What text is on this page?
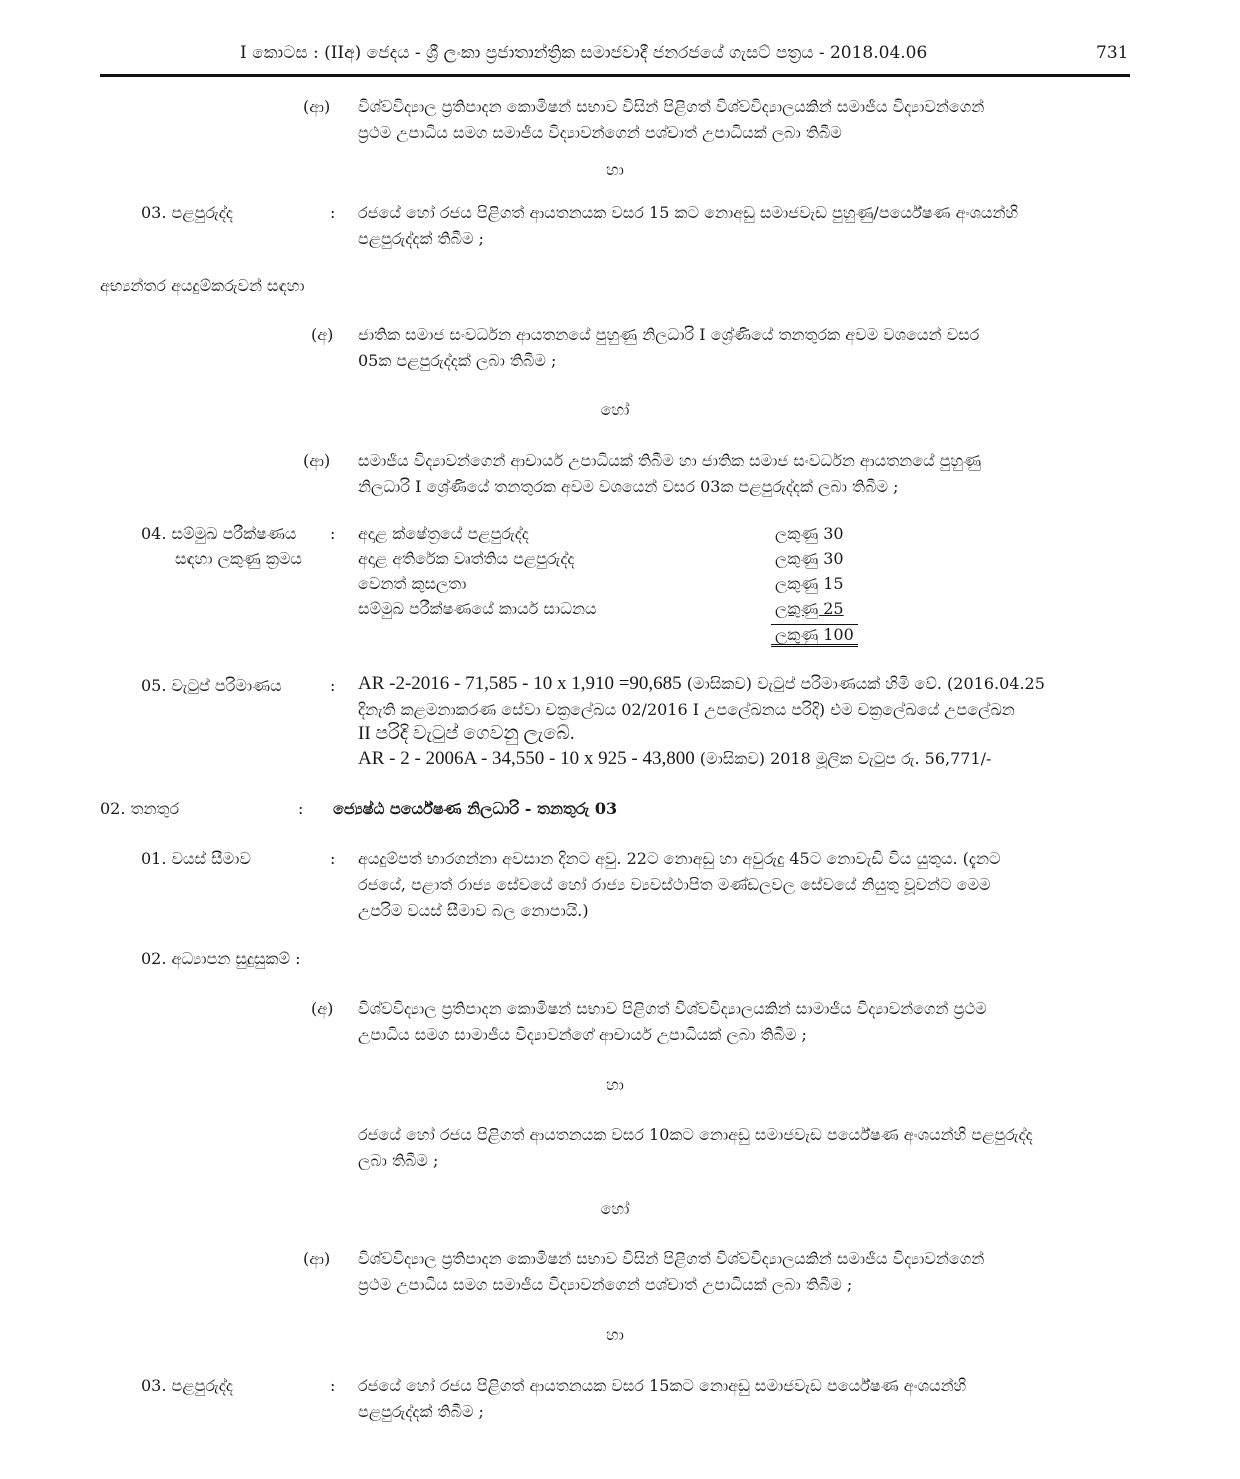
I කොටස : (IIඅ) ජෙදය - ශ්‍රී ලංකා ප්‍රජාතාන්ත්‍රික සමාජවාදී ජනරජයේ ගැසට් පත්‍රය - 2018.04.06	731
(ආ) විශ්වවිද්‍යාල ප්‍රතිපාදන කොමිෂන් සභාව විසින් පිළිගත් විශ්වවිද්‍යාලයකින් සමාජීය විද්‍යාවන්ගෙන්
ප්‍රථම උපාධිය සමග සමාජීය විද්‍යාවන්ගෙන් පශ්චාත් උපාධියක් ලබා තිබීම
හා
03. පළපුරුද්ද	: රජයේ හෝ රජය පිළිගත් ආයතනයක වසර 15 කට නොඅඩු සමාජවැඩ පුහුණු/පර්යේෂණ අංශයන්හි
පළපුරුද්දක් තිබීම ;
අභ්‍යන්තර අයදුම්කරුවන් සඳහා
(අ) ජාතික සමාජ සංවර්ධන ආයතනයේ පුහුණු නිලධාරි I ශ්‍රේණියේ තනතුරක අවම වශයෙන් වසර
05ක පළපුරුද්දක් ලබා තිබීම ;
හෝ
(ආ) සමාජීය විද්‍යාවන්ගෙන් ආචාර්ය උපාධියක් තිබීම හා ජාතික සමාජ සංවර්ධන ආයතනයේ පුහුණු
නිලධාරි I ශ්‍රේණියේ තනතුරක අවම වශයෙන් වසර 03ක පළපුරුද්දක් ලබා තිබීම ;
04. සම්මුඛ පරීක්ෂණය
සඳහා ලකුණු ක්‍රමය
: අදාළ ක්ෂේත්‍රයේ පළපුරුද්ද	ලකුණු 30
අදාළ අතිරේක වෘත්තිය පළපුරුද්ද	ලකුණු 30
වෙනත් කුසලතා	ලකුණු 15
සම්මුඛ පරීක්ෂණයේ කාර්ය සාධනය	ලකුණු 25
ලකුණු 100
05. වැටුප් පරිමාණය	: AR -2-2016 - 71,585 - 10 x 1,910 =90,685 (මාසිකව) වැටුප් පරිමාණයක් හිමි වේ. (2016.04.25
දිනැති කළමනාකරණ සේවා චක්‍රලේඛය 02/2016 I උපලේඛනය පරිදි) එම චක්‍රලේඛයේ උපලේඛන
II පරිදි වැටුප් ගෙවනු ලැබේ.
AR - 2 - 2006A - 34,550 - 10 x 925 - 43,800 (මාසිකව) 2018 මූලික වැටුප රු. 56,771/-
02. තනතුර	: ජ්‍යෙෂ්ඨ පර්යේෂණ නිලධාරි - තනතුරු 03
01. වයස් සීමාව	: අයදුම්පත් භාරගන්නා අවසාන දිනට අවු. 22ට නොඅඩු හා අවුරුදු 45ට නොවැඩි විය යුතුය. (දැනට
රජයේ, පළාත් රාජ්‍ය සේවයේ හෝ රාජ්‍ය ව්‍යවස්ථාපිත මණ්ඩලවල සේවයේ නියුතු වූවන්ට මෙම
උපරිම වයස් සීමාව බල නොපායි.)
02. අධ්‍යාපන සුදුසුකම් :
(අ) විශ්වවිද්‍යාල ප්‍රතිපාදන කොමිෂන් සභාව පිළිගත් විශ්වවිද්‍යාලයකින් සාමාජීය විද්‍යාවන්ගෙන් ප්‍රථම
උපාධිය සමග සාමාජීය විද්‍යාවන්ගේ ආචාර්ය උපාධියක් ලබා තිබීම ;
හා
රජයේ හෝ රජය පිළිගත් ආයතනයක වසර 10කට නොඅඩු සමාජවැඩ පර්යේෂණ අංශයන්හි පළපුරුද්ද
ලබා තිබීම ;
හෝ
(ආ) විශ්වවිද්‍යාල ප්‍රතිපාදන කොමිෂන් සභාව විසින් පිළිගත් විශ්වවිද්‍යාලයකින් සමාජීය විද්‍යාවන්ගෙන්
ප්‍රථම උපාධිය සමග සමාජීය විද්‍යාවන්ගෙන් පශ්චාත් උපාධියක් ලබා තිබීම ;
හා
03. පළපුරුද්ද	: රජයේ හෝ රජය පිළිගත් ආයතනයක වසර 15කට නොඅඩු සමාජවැඩ පර්යේෂණ අංශයන්හි
පළපුරුද්දක් තිබීම ;
